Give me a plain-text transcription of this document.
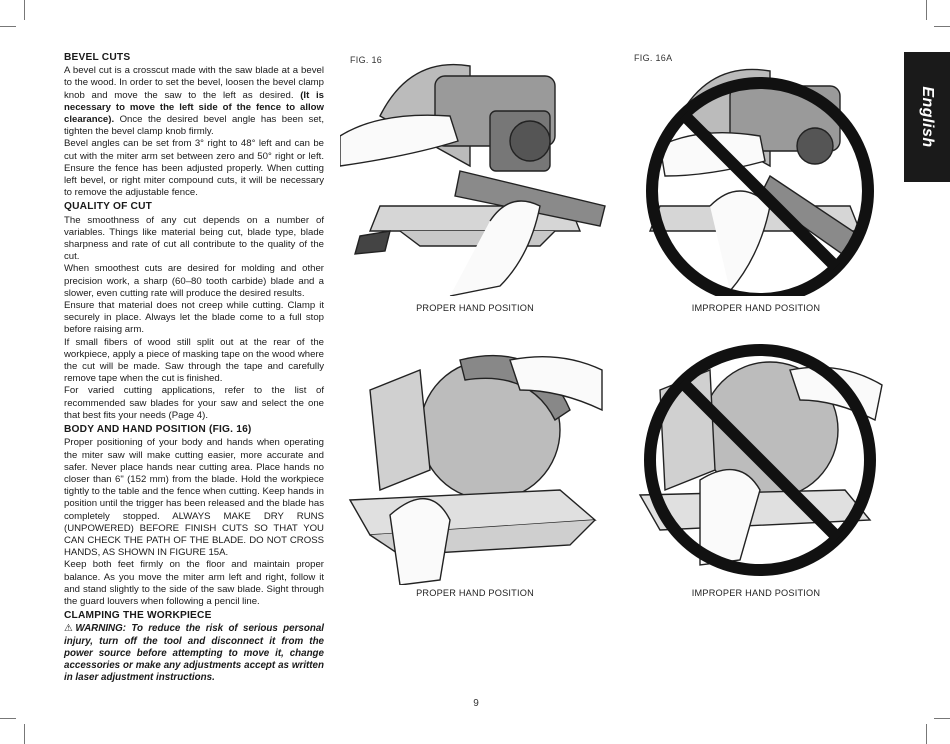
BEVEL CUTS

A bevel cut is a crosscut made with the saw blade at a bevel to the wood. In order to set the bevel, loosen the bevel clamp knob and move the saw to the left as desired. (It is necessary to move the left side of the fence to allow clearance). Once the desired bevel angle has been set, tighten the bevel clamp knob firmly.

Bevel angles can be set from 3° right to 48° left and can be cut with the miter arm set between zero and 50° right or left. Ensure the fence has been adjusted properly. When cutting left bevel, or right miter compound cuts, it will be necessary to remove the adjustable fence.

QUALITY OF CUT

The smoothness of any cut depends on a number of variables. Things like material being cut, blade type, blade sharpness and rate of cut all contribute to the quality of the cut.

When smoothest cuts are desired for molding and other precision work, a sharp (60–80 tooth carbide) blade and a slower, even cutting rate will produce the desired results.

Ensure that material does not creep while cutting. Clamp it securely in place. Always let the blade come to a full stop before raising arm.

If small fibers of wood still split out at the rear of the workpiece, apply a piece of masking tape on the wood where the cut will be made. Saw through the tape and carefully remove tape when the cut is finished.

For varied cutting applications, refer to the list of recommended saw blades for your saw and select the one that best fits your needs (Page 4).

BODY AND HAND POSITION (FIG. 16)

Proper positioning of your body and hands when operating the miter saw will make cutting easier, more accurate and safer. Never place hands near cutting area. Place hands no closer than 6" (152 mm) from the blade. Hold the workpiece tightly to the table and the fence when cutting. Keep hands in position until the trigger has been released and the blade has completely stopped. ALWAYS MAKE DRY RUNS (UNPOWERED) BEFORE FINISH CUTS SO THAT YOU CAN CHECK THE PATH OF THE BLADE. DO NOT CROSS HANDS, AS SHOWN IN FIGURE 15A.

Keep both feet firmly on the floor and maintain proper balance. As you move the miter arm left and right, follow it and stand slightly to the side of the saw blade. Sight through the guard louvers when following a pencil line.

CLAMPING THE WORKPIECE

⚠WARNING: To reduce the risk of serious personal injury, turn off the tool and disconnect it from the power source before attempting to move it, change accessories or make any adjustments accept as written in laser adjustment instructions.

FIG. 16	FIG. 16A
PROPER HAND POSITION	IMPROPER HAND POSITION
PROPER HAND POSITION	IMPROPER HAND POSITION
English
9
